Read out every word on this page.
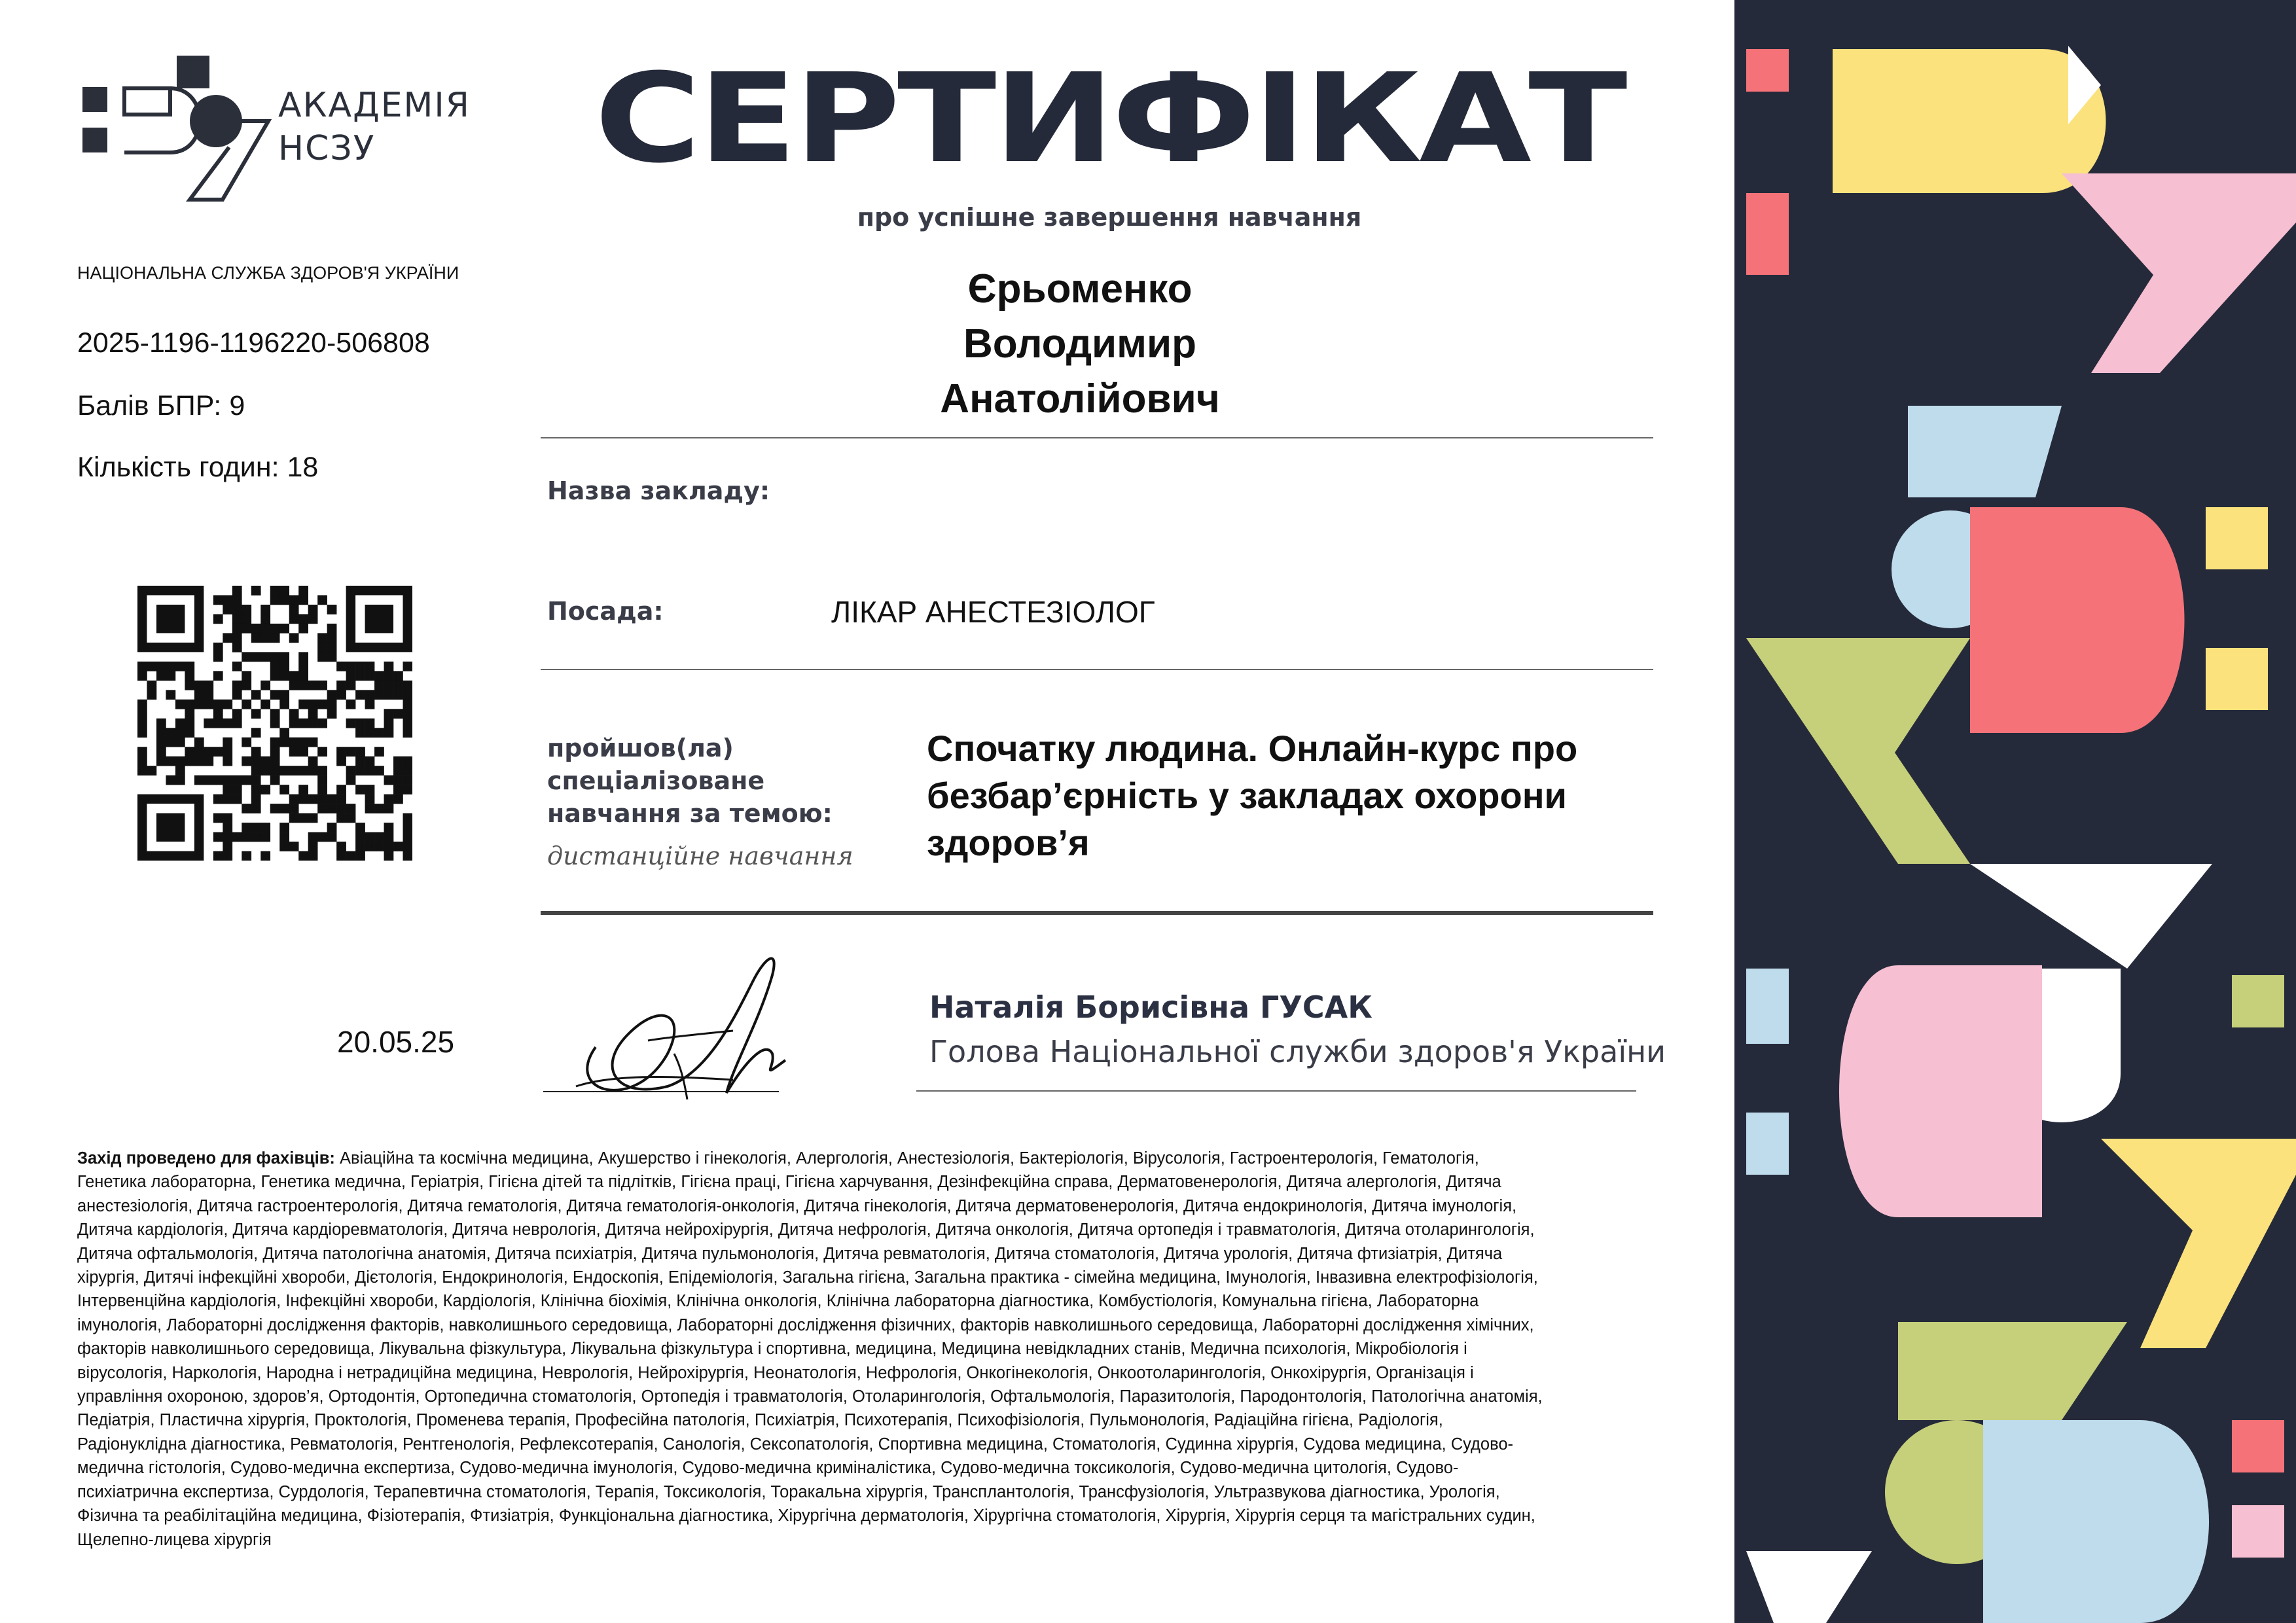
АКАДЕМІЯ
НСЗУ
НАЦІОНАЛЬНА СЛУЖБА ЗДОРОВ'Я УКРАЇНИ
2025-1196-1196220-506808
Балів БПР: 9
Кількість годин: 18
СЕРТИФІКАТ
про успішне завершення навчання
Єрьоменко
Володимир
Анатолійович
Назва закладу:
Посада:	ЛІКАР АНЕСТЕЗІОЛОГ
пройшов(ла)
спеціалізоване
навчання за темою:
дистанційне навчання
Спочатку людина. Онлайн-курс про
безбар’єрність у закладах охорони
здоров’я
20.05.25
Наталія Борисівна ГУСАК
Голова Національної служби здоров'я України
Захід проведено для фахівців: Авіаційна та космічна медицина, Акушерство і гінекологія, Алергологія, Анестезіологія, Бактеріологія, Вірусологія, Гастроентерологія, Гематологія,
Генетика лабораторна, Генетика медична, Геріатрія, Гігієна дітей та підлітків, Гігієна праці, Гігієна харчування, Дезінфекційна справа, Дерматовенерологія, Дитяча алергологія, Дитяча
анестезіологія, Дитяча гастроентерологія, Дитяча гематологія, Дитяча гематологія-онкологія, Дитяча гінекологія, Дитяча дерматовенерологія, Дитяча ендокринологія, Дитяча імунологія,
Дитяча кардіологія, Дитяча кардіоревматологія, Дитяча неврологія, Дитяча нейрохірургія, Дитяча нефрологія, Дитяча онкологія, Дитяча ортопедія і травматологія, Дитяча отоларингологія,
Дитяча офтальмологія, Дитяча патологічна анатомія, Дитяча психіатрія, Дитяча пульмонологія, Дитяча ревматологія, Дитяча стоматологія, Дитяча урологія, Дитяча фтизіатрія, Дитяча
хірургія, Дитячі інфекційні хвороби, Дієтологія, Ендокринологія, Ендоскопія, Епідеміологія, Загальна гігієна, Загальна практика - сімейна медицина, Імунологія, Інвазивна електрофізіологія,
Інтервенційна кардіологія, Інфекційні хвороби, Кардіологія, Клінічна біохімія, Клінічна онкологія, Клінічна лабораторна діагностика, Комбустіологія, Комунальна гігієна, Лабораторна
імунологія, Лабораторні дослідження факторів, навколишнього середовища, Лабораторні дослідження фізичних, факторів навколишнього середовища, Лабораторні дослідження хімічних,
факторів навколишнього середовища, Лікувальна фізкультура, Лікувальна фізкультура і спортивна, медицина, Медицина невідкладних станів, Медична психологія, Мікробіологія і
вірусологія, Наркологія, Народна і нетрадиційна медицина, Неврологія, Нейрохірургія, Неонатологія, Нефрологія, Онкогінекологія, Онкоотоларингологія, Онкохірургія, Організація і
управління охороною, здоров’я, Ортодонтія, Ортопедична стоматологія, Ортопедія і травматологія, Отоларингологія, Офтальмологія, Паразитологія, Пародонтологія, Патологічна анатомія,
Педіатрія, Пластична хірургія, Проктологія, Променева терапія, Професійна патологія, Психіатрія, Психотерапія, Психофізіологія, Пульмонологія, Радіаційна гігієна, Радіологія,
Радіонуклідна діагностика, Ревматологія, Рентгенологія, Рефлексотерапія, Санологія, Сексопатологія, Спортивна медицина, Стоматологія, Судинна хірургія, Судова медицина, Судово-
медична гістологія, Судово-медична експертиза, Судово-медична імунологія, Судово-медична криміналістика, Судово-медична токсикологія, Судово-медична цитологія, Судово-
психіатрична експертиза, Сурдологія, Терапевтична стоматологія, Терапія, Токсикологія, Торакальна хірургія, Трансплантологія, Трансфузіологія, Ультразвукова діагностика, Урологія,
Фізична та реабілітаційна медицина, Фізіотерапія, Фтизіатрія, Функціональна діагностика, Хірургічна дерматологія, Хірургічна стоматологія, Хірургія, Хірургія серця та магістральних судин,
Щелепно-лицева хірургія
